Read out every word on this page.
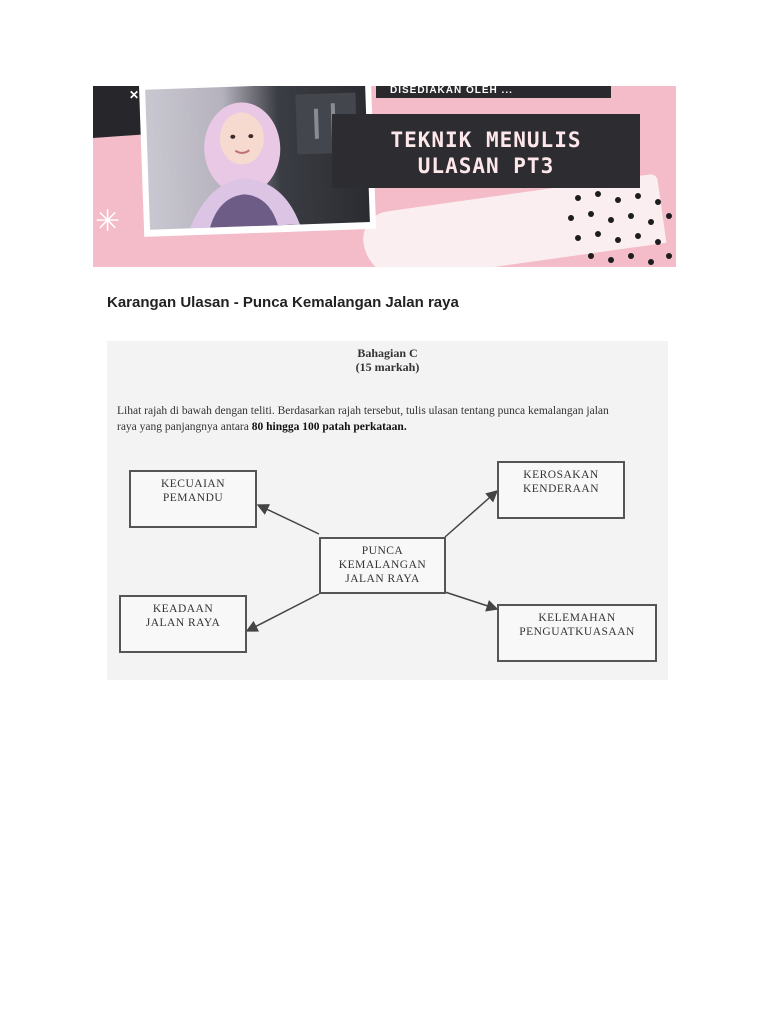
✕	DISEDIAKAN OLEH ...
TEKNIK MENULIS
ULASAN PT3
✳
Karangan Ulasan - Punca Kemalangan Jalan raya
Bahagian C
(15 markah)
Lihat rajah di bawah dengan teliti. Berdasarkan rajah tersebut, tulis ulasan tentang punca kemalangan jalan raya yang panjangnya antara 80 hingga 100 patah perkataan.
PUNCA
KEMALANGAN
JALAN RAYA
KECUAIAN
PEMANDU
KEROSAKAN
KENDERAAN
KEADAAN
JALAN RAYA	KELEMAHAN
PENGUATKUASAAN
